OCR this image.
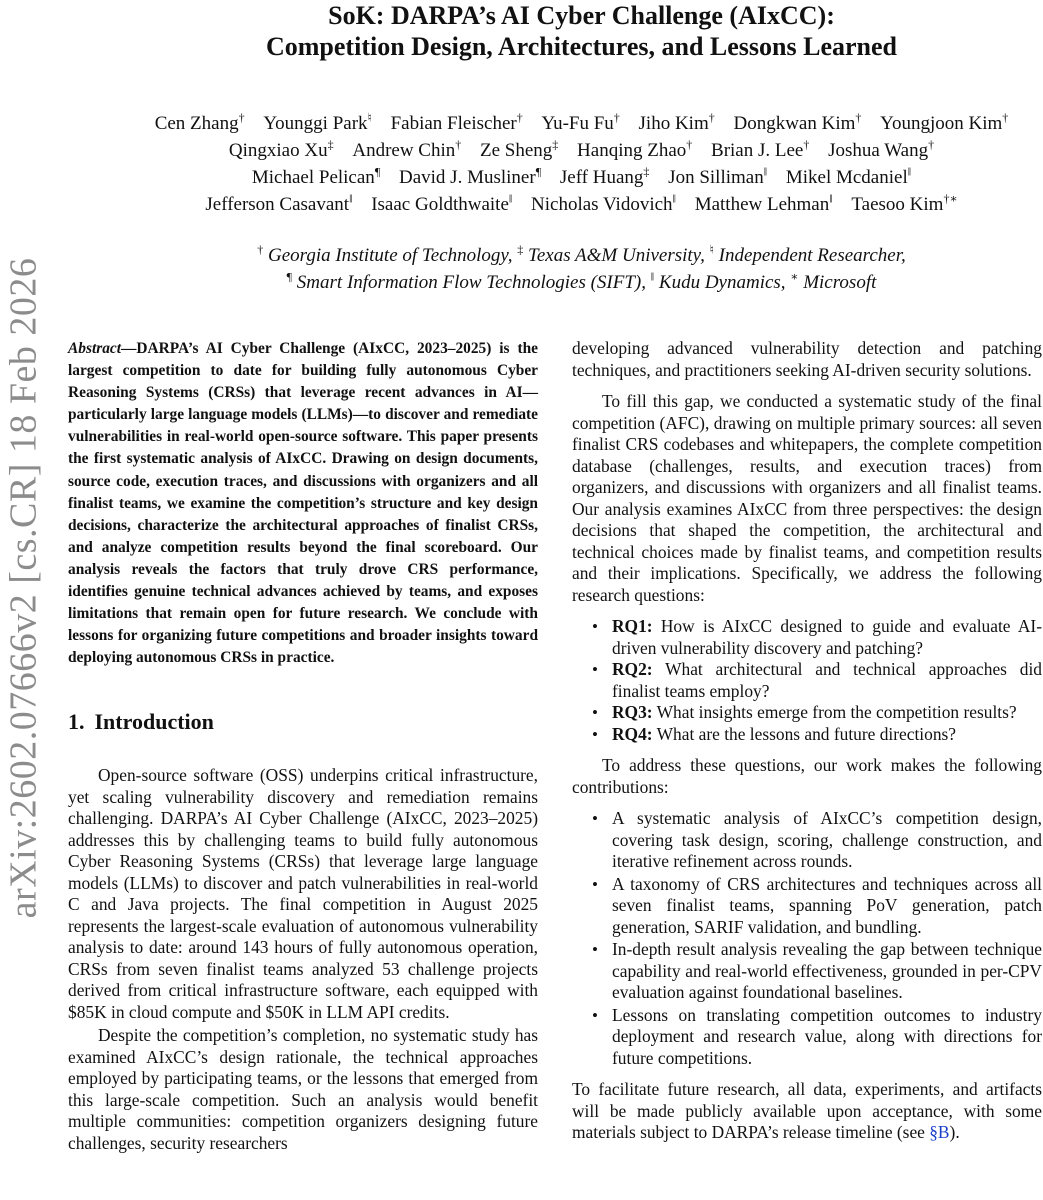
arXiv:2602.07666v2 [cs.CR] 18 Feb 2026
SoK: DARPA’s AI Cyber Challenge (AIxCC):
Competition Design, Architectures, and Lessons Learned
Cen Zhang† Younggi Park♮ Fabian Fleischer† Yu-Fu Fu† Jiho Kim† Dongkwan Kim† Youngjoon Kim†
Qingxiao Xu‡ Andrew Chin† Ze Sheng‡ Hanqing Zhao† Brian J. Lee† Joshua Wang†
Michael Pelican¶ David J. Musliner¶ Jeff Huang‡ Jon Silliman‖ Mikel Mcdaniel‖
Jefferson Casavant‖ Isaac Goldthwaite‖ Nicholas Vidovich‖ Matthew Lehman‖ Taesoo Kim†∗
† Georgia Institute of Technology, ‡ Texas A&M University, ♮ Independent Researcher,
¶ Smart Information Flow Technologies (SIFT), ‖ Kudu Dynamics, ∗ Microsoft

Abstract—DARPA’s AI Cyber Challenge (AIxCC, 2023–2025) is the largest competition to date for building fully autonomous Cyber Reasoning Systems (CRSs) that leverage recent advances in AI—particularly large language models (LLMs)—to discover and remediate vulnerabilities in real-world open-source software. This paper presents the first systematic analysis of AIxCC. Drawing on design documents, source code, execution traces, and discussions with organizers and all finalist teams, we examine the competition’s structure and key design decisions, characterize the architectural approaches of finalist CRSs, and analyze competition results beyond the final scoreboard. Our analysis reveals the factors that truly drove CRS performance, identifies genuine technical advances achieved by teams, and exposes limitations that remain open for future research. We conclude with lessons for organizing future competitions and broader insights toward deploying autonomous CRSs in practice.

1. Introduction

Open-source software (OSS) underpins critical infrastructure, yet scaling vulnerability discovery and remediation remains challenging. DARPA’s AI Cyber Challenge (AIxCC, 2023–2025) addresses this by challenging teams to build fully autonomous Cyber Reasoning Systems (CRSs) that leverage large language models (LLMs) to discover and patch vulnerabilities in real-world C and Java projects. The final competition in August 2025 represents the largest-scale evaluation of autonomous vulnerability analysis to date: around 143 hours of fully autonomous operation, CRSs from seven finalist teams analyzed 53 challenge projects derived from critical infrastructure software, each equipped with $85K in cloud compute and $50K in LLM API credits.

Despite the competition’s completion, no systematic study has examined AIxCC’s design rationale, the technical approaches employed by participating teams, or the lessons that emerged from this large-scale competition. Such an analysis would benefit multiple communities: competition organizers designing future challenges, security researchers

developing advanced vulnerability detection and patching techniques, and practitioners seeking AI-driven security solutions.

To fill this gap, we conducted a systematic study of the final competition (AFC), drawing on multiple primary sources: all seven finalist CRS codebases and whitepapers, the complete competition database (challenges, results, and execution traces) from organizers, and discussions with organizers and all finalist teams. Our analysis examines AIxCC from three perspectives: the design decisions that shaped the competition, the architectural and technical choices made by finalist teams, and competition results and their implications. Specifically, we address the following research questions:

• RQ1: How is AIxCC designed to guide and evaluate AI-driven vulnerability discovery and patching?
• RQ2: What architectural and technical approaches did finalist teams employ?
• RQ3: What insights emerge from the competition results?
• RQ4: What are the lessons and future directions?

To address these questions, our work makes the following contributions:

• A systematic analysis of AIxCC’s competition design, covering task design, scoring, challenge construction, and iterative refinement across rounds.
• A taxonomy of CRS architectures and techniques across all seven finalist teams, spanning PoV generation, patch generation, SARIF validation, and bundling.
• In-depth result analysis revealing the gap between technique capability and real-world effectiveness, grounded in per-CPV evaluation against foundational baselines.
• Lessons on translating competition outcomes to industry deployment and research value, along with directions for future competitions.

To facilitate future research, all data, experiments, and artifacts will be made publicly available upon acceptance, with some materials subject to DARPA’s release timeline (see §B).
